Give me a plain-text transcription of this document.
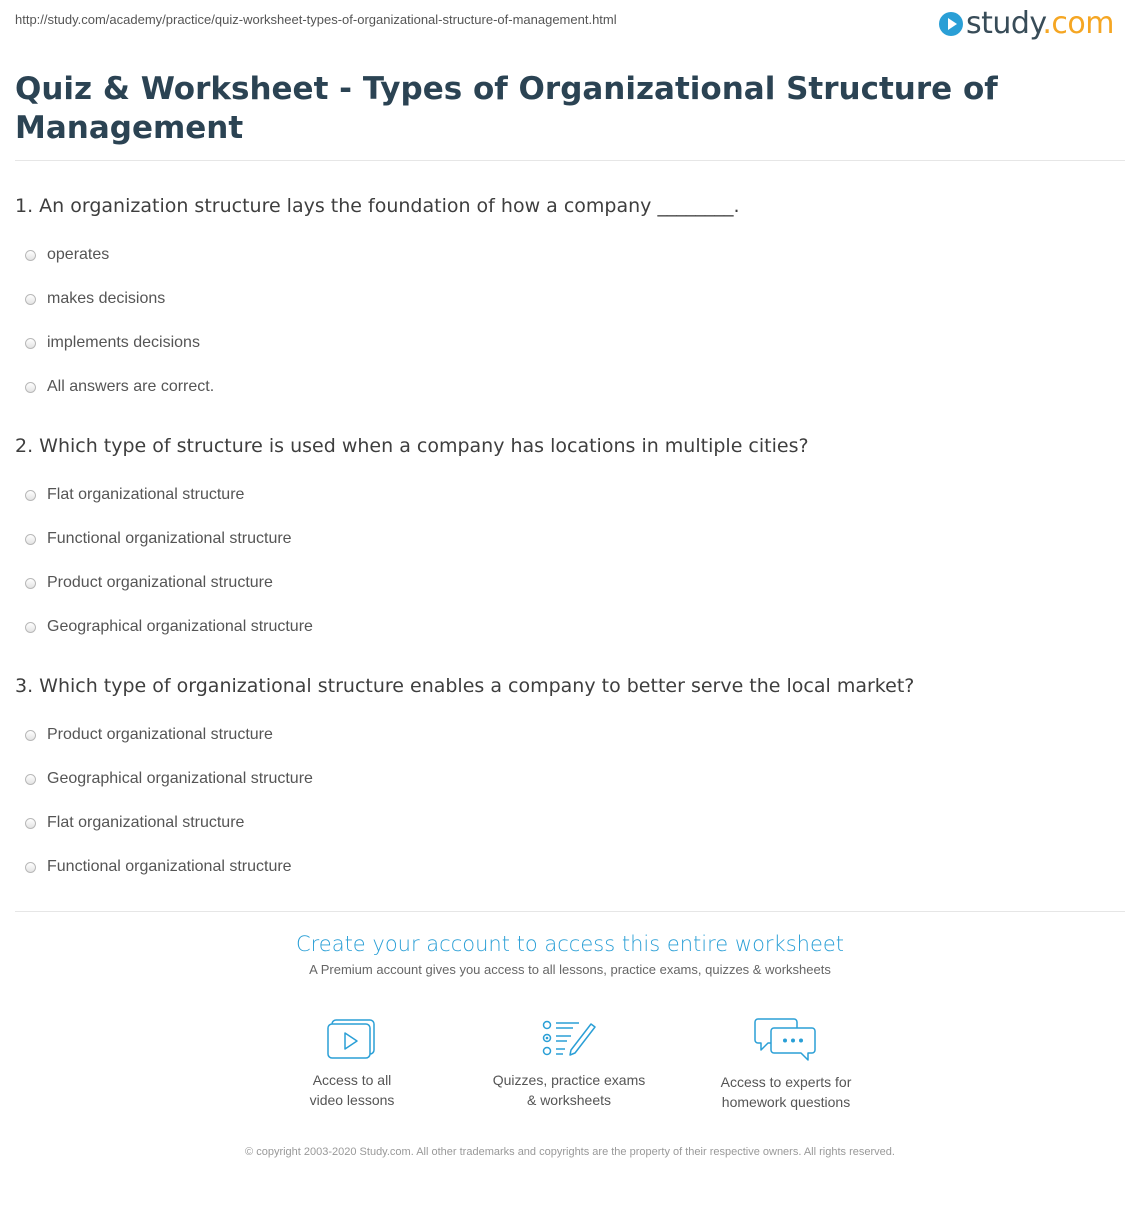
http://study.com/academy/practice/quiz-worksheet-types-of-organizational-structure-of-management.html	study.com
Quiz & Worksheet - Types of Organizational Structure of Management
1. An organization structure lays the foundation of how a company ________.
operates
makes decisions
implements decisions
All answers are correct.
2. Which type of structure is used when a company has locations in multiple cities?
Flat organizational structure
Functional organizational structure
Product organizational structure
Geographical organizational structure
3. Which type of organizational structure enables a company to better serve the local market?
Product organizational structure
Geographical organizational structure
Flat organizational structure
Functional organizational structure
Create your account to access this entire worksheet
A Premium account gives you access to all lessons, practice exams, quizzes & worksheets
Access to all
video lessons
Quizzes, practice exams
& worksheets
Access to experts for
homework questions
© copyright 2003-2020 Study.com. All other trademarks and copyrights are the property of their respective owners. All rights reserved.
